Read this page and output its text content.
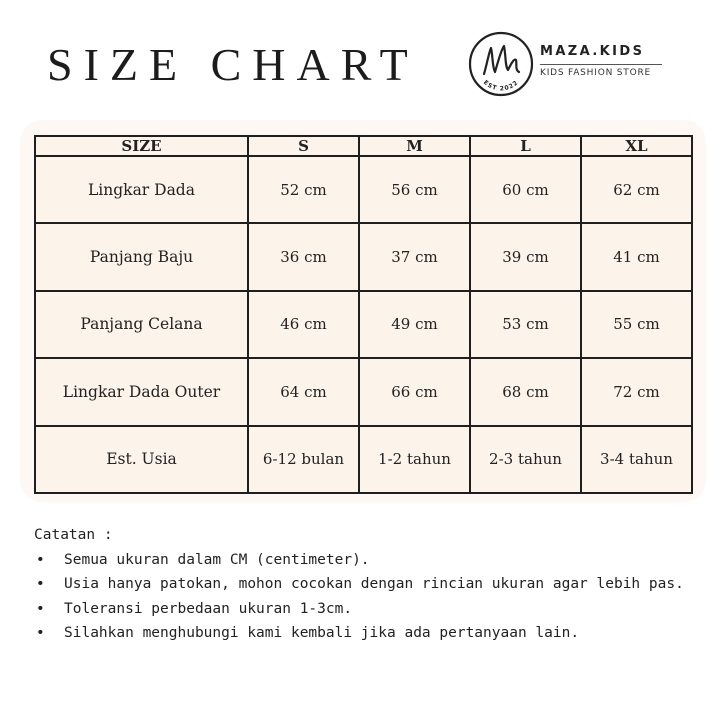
SIZE CHART	EST 2022
MAZA.KIDS
KIDS FASHION STORE
SIZE	S	M	L	XL
Lingkar Dada	52 cm	56 cm	60 cm	62 cm
Panjang Baju	36 cm	37 cm	39 cm	41 cm
Panjang Celana	46 cm	49 cm	53 cm	55 cm
Lingkar Dada Outer	64 cm	66 cm	68 cm	72 cm
Est. Usia	6-12 bulan	1-2 tahun	2-3 tahun	3-4 tahun
Catatan :
• Semua ukuran dalam CM (centimeter).
• Usia hanya patokan, mohon cocokan dengan rincian ukuran agar lebih pas.
• Toleransi perbedaan ukuran 1-3cm.
• Silahkan menghubungi kami kembali jika ada pertanyaan lain.
